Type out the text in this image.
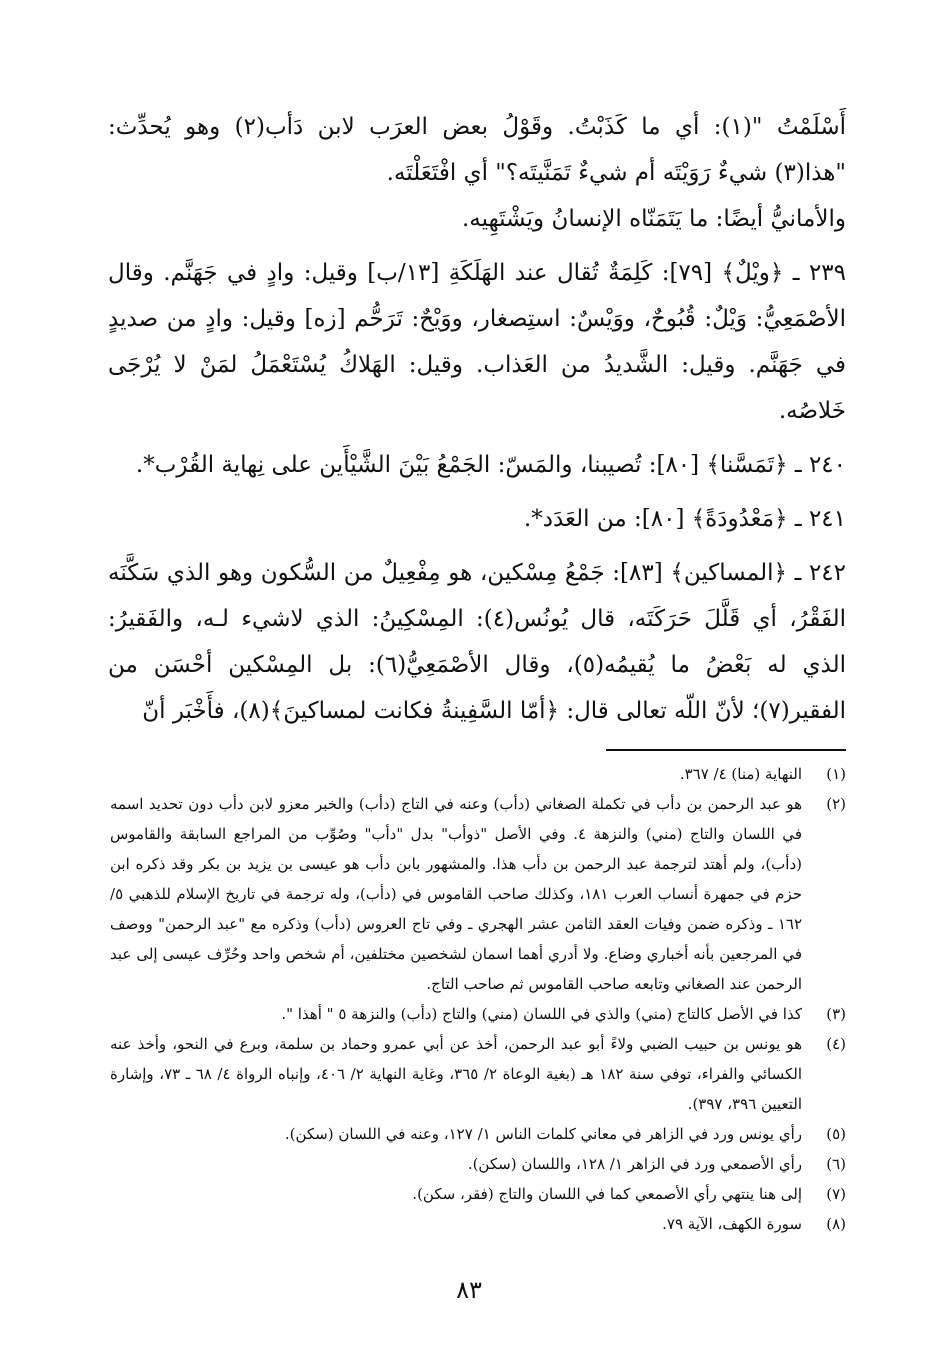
أَسْلَمْتُ "(١): أي ما كَذَبْتُ. وقَوْلُ بعض العرَب لابن دَأب(٢) وهو يُحدِّث: "هذا(٣) شيءٌ رَوَيْتَه أم شيءٌ تَمَنَّيتَه؟" أي افْتَعَلْتَه.

والأمانيُّ أيضًا: ما يَتَمَنّاه الإنسانُ ويَشْتَهِيه.

٢٣٩ ـ ﴿ويْلٌ﴾ [٧٩]: كَلِمَةٌ تُقال عند الهَلَكَةِ [١٣/ب] وقيل: وادٍ في جَهَنَّم. وقال الأصْمَعِيُّ: وَيْلٌ: قُبُوحٌ، ووَيْسٌ: استِصغار، ووَيْحٌ: تَرَحُّم [زه] وقيل: وادٍ من صديدٍ في جَهَنَّم. وقيل: الشَّديدُ من العَذاب. وقيل: الهَلاكُ يُسْتَعْمَلُ لمَنْ لا يُرْجَى خَلاصُه.

٢٤٠ ـ ﴿تَمَسَّنا﴾ [٨٠]: تُصيبنا، والمَسّ: الجَمْعُ بَيْنَ الشَّيْأَين على نِهاية القُرْب*.

٢٤١ ـ ﴿مَعْدُودَةً﴾ [٨٠]: من العَدَد*.

٢٤٢ ـ ﴿المساكين﴾ [٨٣]: جَمْعُ مِسْكين، هو مِفْعِيلٌ من السُّكون وهو الذي سَكَّنَه الفَقْرُ، أي قَلَّلَ حَرَكَتَه، قال يُونُس(٤): المِسْكِينُ: الذي لاشيء لـه، والفَقيرُ: الذي له بَعْضُ ما يُقيمُه(٥)، وقال الأصْمَعِيُّ(٦): بل المِسْكين أحْسَن من الفقير(٧)؛ لأنّ اللّه تعالى قال: ﴿أمّا السَّفِينةُ فكانت لمساكينَ﴾(٨)، فأَخْبَر أنّ

(١)
النهاية (منا) ٤/ ٣٦٧.
(٢)
هو عبد الرحمن بن دأب في تكملة الصغاني (دأب) وعنه في التاج (دأب) والخبر معزو لابن دأب دون تحديد اسمه في اللسان والتاج (مني) والنزهة ٤. وفي الأصل "ذوأب" بدل "دأب" وصُوِّب من المراجع السابقة والقاموس (دأب)، ولم أهتد لترجمة عبد الرحمن بن دأب هذا. والمشهور بابن دأب هو عيسى بن يزيد بن بكر وقد ذكره ابن حزم في جمهرة أنساب العرب ١٨١، وكذلك صاحب القاموس في (دأب)، وله ترجمة في تاريخ الإسلام للذهبي ٥/ ١٦٢ ـ وذكره ضمن وفيات العقد الثامن عشر الهجري ـ وفي تاج العروس (دأب) وذكره مع "عبد الرحمن" ووصف في المرجعين بأنه أخباري وضاع. ولا أدري أهما اسمان لشخصين مختلفين، أم شخص واحد وحُرِّف عيسى إلى عبد الرحمن عند الصغاني وتابعه صاحب القاموس ثم صاحب التاج.
(٣)
كذا في الأصل كالتاج (مني) والذي في اللسان (مني) والتاج (دأب) والنزهة ٥ " أهذا ".
(٤)
هو يونس بن حبيب الضبي ولاءً أبو عبد الرحمن، أخذ عن أبي عمرو وحماد بن سلمة، وبرع في النحو، وأخذ عنه الكسائي والفراء، توفي سنة ١٨٢ هـ (بغية الوعاة ٢/ ٣٦٥، وغاية النهاية ٢/ ٤٠٦، وإنباه الرواة ٤/ ٦٨ ـ ٧٣، وإشارة التعيين ٣٩٦، ٣٩٧).
(٥)
رأي يونس ورد في الزاهر في معاني كلمات الناس ١/ ١٢٧، وعنه في اللسان (سكن).
(٦)
رأي الأصمعي ورد في الزاهر ١/ ١٢٨، واللسان (سكن).
(٧)
إلى هنا ينتهي رأي الأصمعي كما في اللسان والتاج (فقر، سكن).
(٨)
سورة الكهف، الآية ٧٩.
٨٣
